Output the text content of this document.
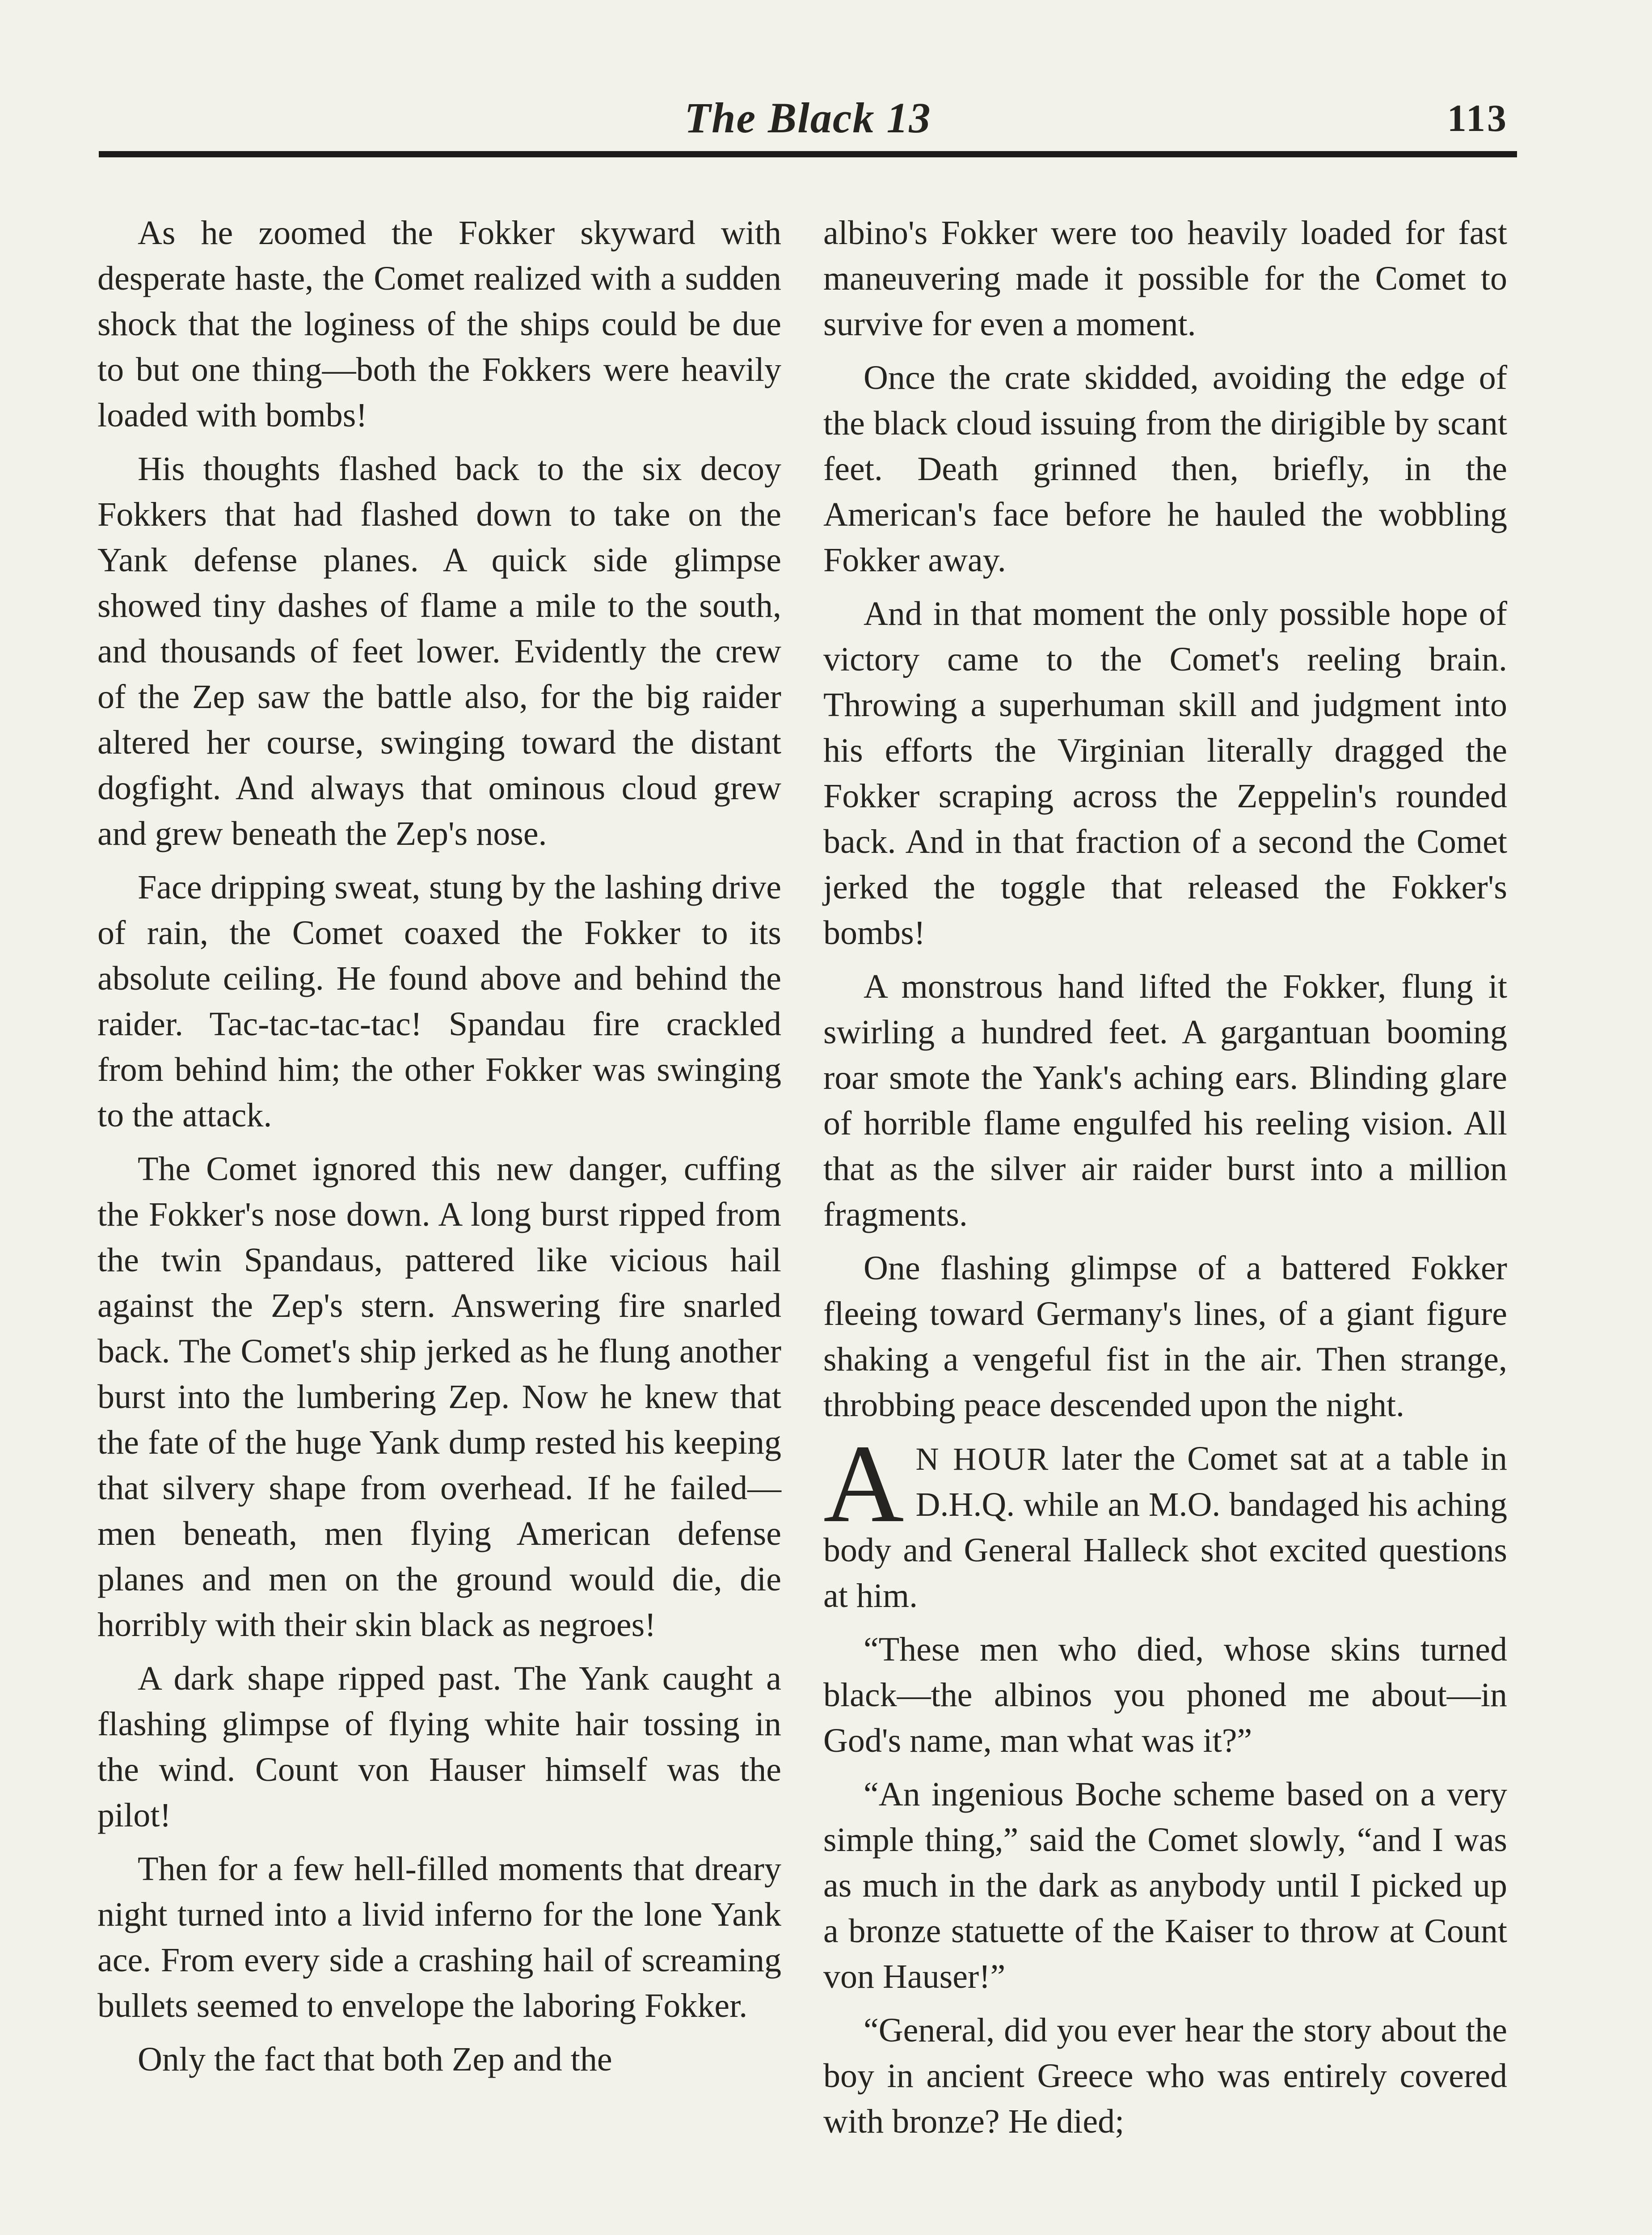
The Black 13	113

As he zoomed the Fokker skyward with desperate haste, the Comet realized with a sudden shock that the loginess of the ships could be due to but one thing—both the Fokkers were heavily loaded with bombs!

His thoughts flashed back to the six decoy Fokkers that had flashed down to take on the Yank defense planes. A quick side glimpse showed tiny dashes of flame a mile to the south, and thousands of feet lower. Evidently the crew of the Zep saw the battle also, for the big raider altered her course, swinging toward the distant dogfight. And always that ominous cloud grew and grew beneath the Zep's nose.

Face dripping sweat, stung by the lashing drive of rain, the Comet coaxed the Fokker to its absolute ceiling. He found above and behind the raider. Tac-tac-tac-tac! Spandau fire crackled from behind him; the other Fokker was swinging to the attack.

The Comet ignored this new danger, cuffing the Fokker's nose down. A long burst ripped from the twin Spandaus, pattered like vicious hail against the Zep's stern. Answering fire snarled back. The Comet's ship jerked as he flung another burst into the lumbering Zep. Now he knew that the fate of the huge Yank dump rested his keeping that silvery shape from overhead. If he failed—men beneath, men flying American defense planes and men on the ground would die, die horribly with their skin black as negroes!

A dark shape ripped past. The Yank caught a flashing glimpse of flying white hair tossing in the wind. Count von Hauser himself was the pilot!

Then for a few hell-filled moments that dreary night turned into a livid inferno for the lone Yank ace. From every side a crashing hail of screaming bullets seemed to envelope the laboring Fokker.

Only the fact that both Zep and the

albino's Fokker were too heavily loaded for fast maneuvering made it possible for the Comet to survive for even a moment.

Once the crate skidded, avoiding the edge of the black cloud issuing from the dirigible by scant feet. Death grinned then, briefly, in the American's face before he hauled the wobbling Fokker away.

And in that moment the only possible hope of victory came to the Comet's reeling brain. Throwing a superhuman skill and judgment into his efforts the Virginian literally dragged the Fokker scraping across the Zeppelin's rounded back. And in that fraction of a second the Comet jerked the toggle that released the Fokker's bombs!

A monstrous hand lifted the Fokker, flung it swirling a hundred feet. A gargantuan booming roar smote the Yank's aching ears. Blinding glare of horrible flame engulfed his reeling vision. All that as the silver air raider burst into a million fragments.

One flashing glimpse of a battered Fokker fleeing toward Germany's lines, of a giant figure shaking a vengeful fist in the air. Then strange, throbbing peace descended upon the night.

A N HOUR later the Comet sat at a table in D.H.Q. while an M.O. bandaged his aching body and General Halleck shot excited questions at him.

“These men who died, whose skins turned black—the albinos you phoned me about—in God's name, man what was it?”

“An ingenious Boche scheme based on a very simple thing,” said the Comet slowly, “and I was as much in the dark as anybody until I picked up a bronze statuette of the Kaiser to throw at Count von Hauser!”

“General, did you ever hear the story about the boy in ancient Greece who was entirely covered with bronze? He died;
